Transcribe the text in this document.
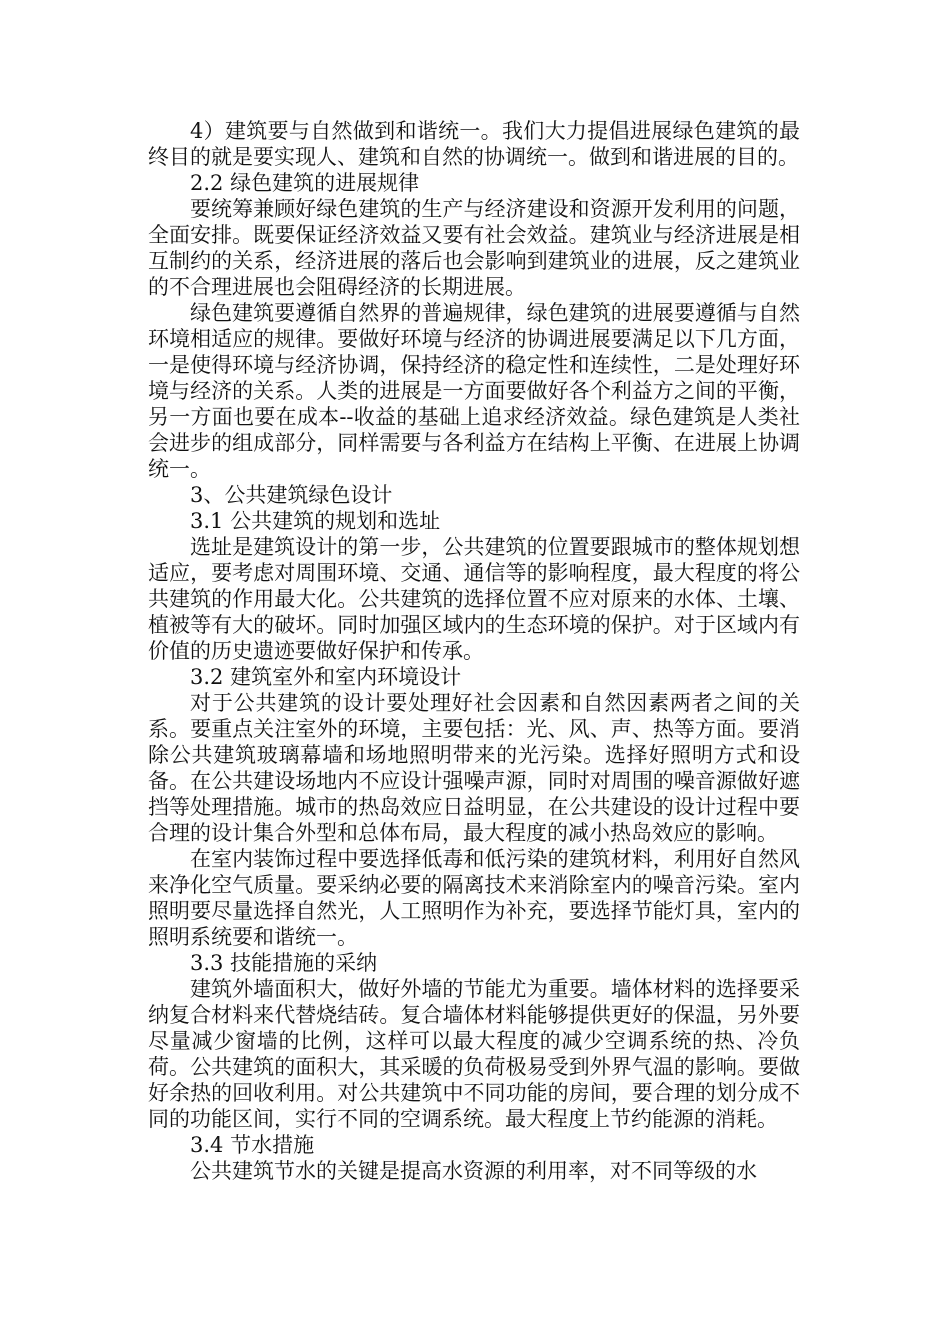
4）建筑要与自然做到和谐统一。我们大力提倡进展绿色建筑的最终目的就是要实现人、建筑和自然的协调统一。做到和谐进展的目的。

2.2 绿色建筑的进展规律

要统筹兼顾好绿色建筑的生产与经济建设和资源开发利用的问题，全面安排。既要保证经济效益又要有社会效益。建筑业与经济进展是相互制约的关系，经济进展的落后也会影响到建筑业的进展，反之建筑业的不合理进展也会阻碍经济的长期进展。

绿色建筑要遵循自然界的普遍规律，绿色建筑的进展要遵循与自然环境相适应的规律。要做好环境与经济的协调进展要满足以下几方面，一是使得环境与经济协调，保持经济的稳定性和连续性，二是处理好环境与经济的关系。人类的进展是一方面要做好各个利益方之间的平衡，另一方面也要在成本--收益的基础上追求经济效益。绿色建筑是人类社会进步的组成部分，同样需要与各利益方在结构上平衡、在进展上协调统一。

3、公共建筑绿色设计

3.1 公共建筑的规划和选址

选址是建筑设计的第一步，公共建筑的位置要跟城市的整体规划想适应，要考虑对周围环境、交通、通信等的影响程度，最大程度的将公共建筑的作用最大化。公共建筑的选择位置不应对原来的水体、土壤、植被等有大的破坏。同时加强区域内的生态环境的保护。对于区域内有价值的历史遗迹要做好保护和传承。

3.2 建筑室外和室内环境设计

对于公共建筑的设计要处理好社会因素和自然因素两者之间的关系。要重点关注室外的环境，主要包括：光、风、声、热等方面。要消除公共建筑玻璃幕墙和场地照明带来的光污染。选择好照明方式和设备。在公共建设场地内不应设计强噪声源，同时对周围的噪音源做好遮挡等处理措施。城市的热岛效应日益明显，在公共建设的设计过程中要合理的设计集合外型和总体布局，最大程度的减小热岛效应的影响。

在室内装饰过程中要选择低毒和低污染的建筑材料，利用好自然风来净化空气质量。要采纳必要的隔离技术来消除室内的噪音污染。室内照明要尽量选择自然光，人工照明作为补充，要选择节能灯具，室内的照明系统要和谐统一。

3.3 技能措施的采纳

建筑外墙面积大，做好外墙的节能尤为重要。墙体材料的选择要采纳复合材料来代替烧结砖。复合墙体材料能够提供更好的保温，另外要尽量减少窗墙的比例，这样可以最大程度的减少空调系统的热、冷负荷。公共建筑的面积大，其采暖的负荷极易受到外界气温的影响。要做好余热的回收利用。对公共建筑中不同功能的房间，要合理的划分成不同的功能区间，实行不同的空调系统。最大程度上节约能源的消耗。

3.4 节水措施

公共建筑节水的关键是提高水资源的利用率，对不同等级的水
